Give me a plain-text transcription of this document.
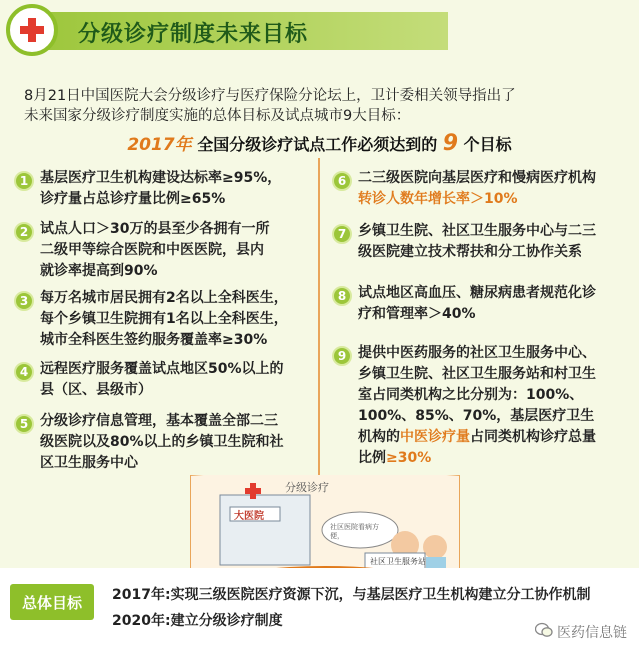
分级诊疗制度未来目标
8月21日中国医院大会分级诊疗与医疗保险分论坛上，卫计委相关领导指出了
未来国家分级诊疗制度实施的总体目标及试点城市9大目标：
2017年 全国分级诊疗试点工作必须达到的 9 个目标
1 基层医疗卫生机构建设达标率≥95%，
诊疗量占总诊疗量比例≥65%
2 试点人口＞30万的县至少各拥有一所
二级甲等综合医院和中医医院，县内
就诊率提高到90%
3 每万名城市居民拥有2名以上全科医生，
每个乡镇卫生院拥有1名以上全科医生，
城市全科医生签约服务覆盖率≥30%
4 远程医疗服务覆盖试点地区50%以上的
县（区、县级市）
5 分级诊疗信息管理，基本覆盖全部二三
级医院以及80%以上的乡镇卫生院和社
区卫生服务中心
6 二三级医院向基层医疗和慢病医疗机构
转诊人数年增长率＞10%
7 乡镇卫生院、社区卫生服务中心与二三
级医院建立技术帮扶和分工协作关系
8 试点地区高血压、糖尿病患者规范化诊
疗和管理率＞40%
9 提供中医药服务的社区卫生服务中心、
乡镇卫生院、社区卫生服务站和村卫生
室占同类机构之比分别为：100%、
100%、85%、70%，基层医疗卫生
机构的中医诊疗量占同类机构诊疗总量
比例≥30%
分级诊疗
大医院
社区医院看病方便，
社区卫生服务站
总体目标	2017年:实现三级医院医疗资源下沉，与基层医疗卫生机构建立分工协作机制
2020年:建立分级诊疗制度
医药信息链
